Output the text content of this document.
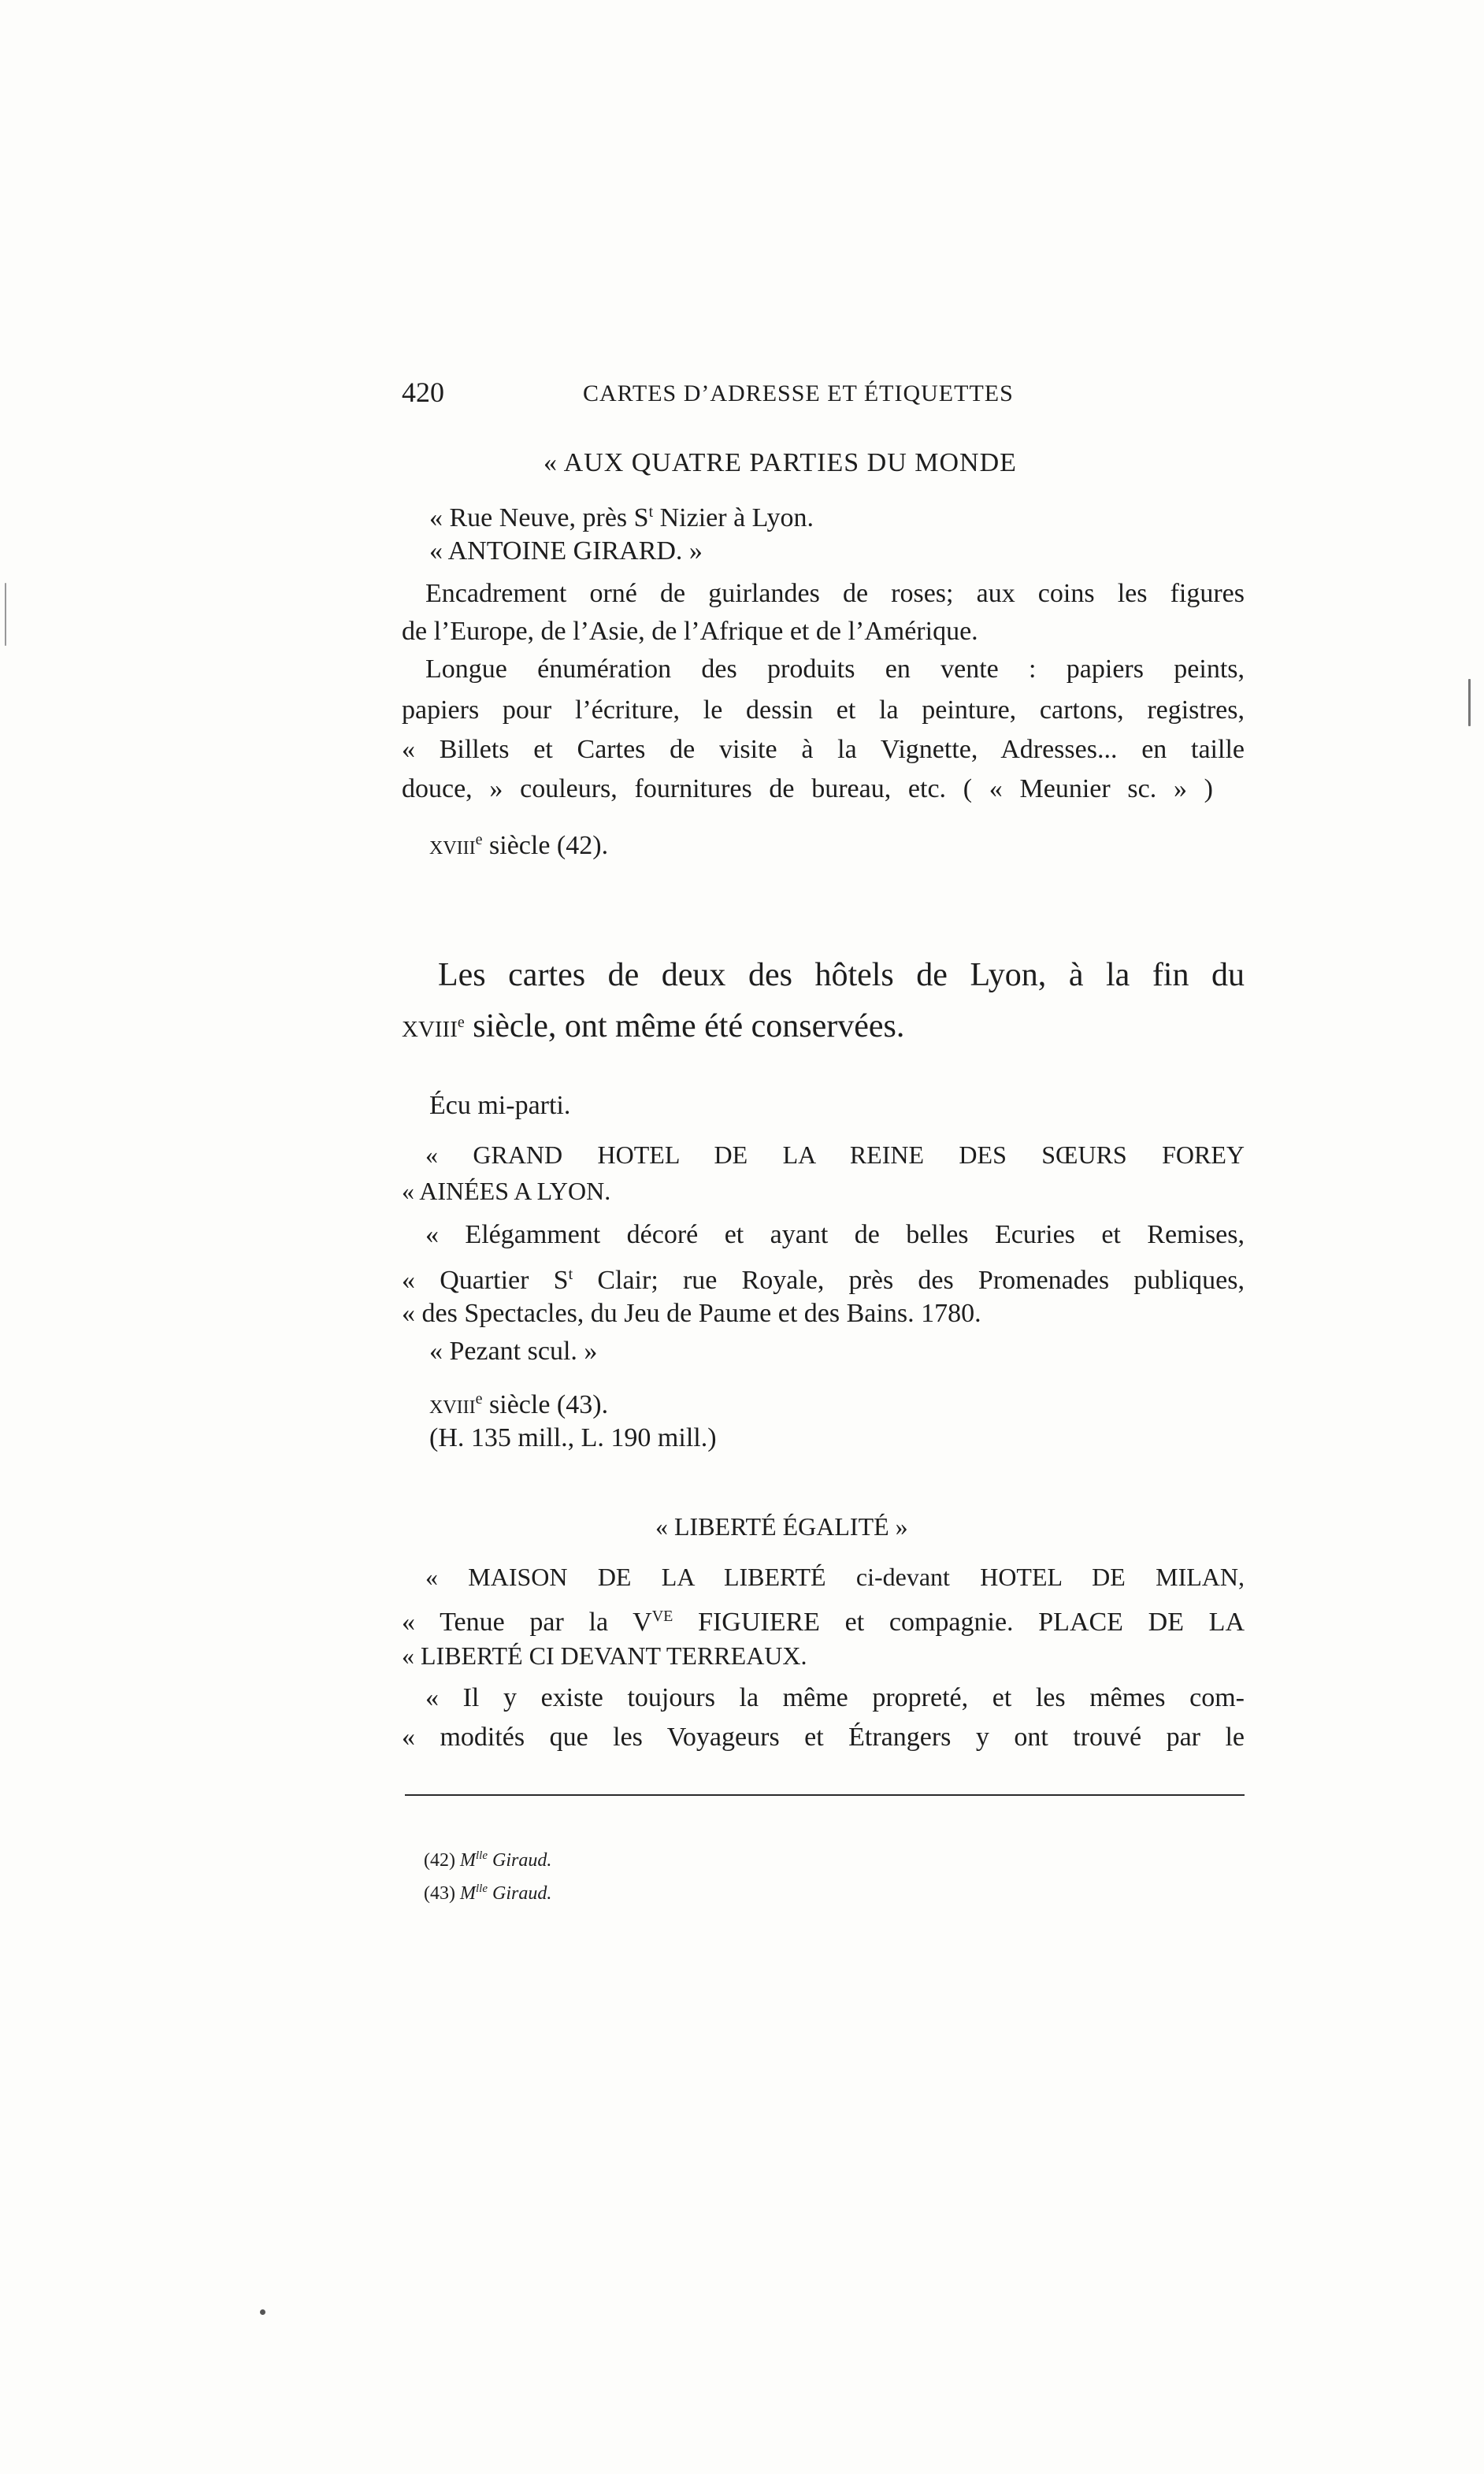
420	CARTES D’ADRESSE ET ÉTIQUETTES
« AUX QUATRE PARTIES DU MONDE
« Rue Neuve, près $S^t$ Nizier à Lyon.
« ANTOINE GIRARD. »
Encadrement orné de guirlandes de roses; aux coins les figures
de l’Europe, de l’Asie, de l’Afrique et de l’Amérique.
Longue énumération des produits en vente : papiers peints,
papiers pour l’écriture, le dessin et la peinture, cartons, registres,
« Billets et Cartes de visite à la Vignette, Adresses... en taille
douce, » couleurs, fournitures de bureau, etc. ( « Meunier sc. » )
xviii$^e$ siècle (42).
Les cartes de deux des hôtels de Lyon, à la fin du
xviii$^e$ siècle, ont même été conservées.
Écu mi-parti.
« GRAND HOTEL DE LA REINE DES SŒURS FOREY
« AINÉES A LYON.
« Elégamment décoré et ayant de belles Ecuries et Remises,
« Quartier $S^t$ Clair; rue Royale, près des Promenades publiques,
« des Spectacles, du Jeu de Paume et des Bains. 1780.
« Pezant scul. »
xviii$^e$ siècle (43).
(H. 135 mill., L. 190 mill.)
« LIBERTÉ ÉGALITÉ »
« MAISON DE LA LIBERTÉ ci-devant HOTEL DE MILAN,
« Tenue par la $V^{VE}$ FIGUIERE et compagnie. PLACE DE LA
« LIBERTÉ CI DEVANT TERREAUX.
« Il y existe toujours la même propreté, et les mêmes com-
« modités que les Voyageurs et Étrangers y ont trouvé par le
(42) $M^{lle}$ Giraud.
(43) $M^{lle}$ Giraud.
